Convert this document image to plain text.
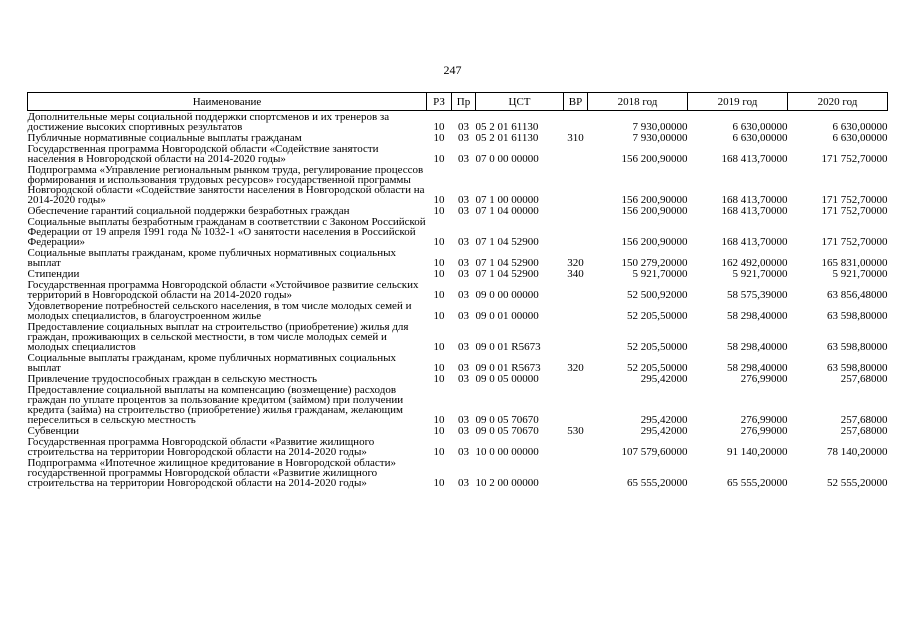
247
Наименование	РЗ	Пр	ЦСТ	ВР	2018 год	2019 год	2020 год
Дополнительные меры социальной поддержки спортсменов и их тренеров за достижение высоких спортивных результатов	10	03	05 2 01 61130		7 930,00000	6 630,00000	6 630,00000
Публичные нормативные социальные выплаты гражданам	10	03	05 2 01 61130	310	7 930,00000	6 630,00000	6 630,00000
Государственная программа Новгородской области «Содействие занятости населения в Новгородской области на 2014-2020 годы»	10	03	07 0 00 00000		156 200,90000	168 413,70000	171 752,70000
Подпрограмма «Управление региональным рынком труда, регулирование процессов формирования и использования трудовых ресурсов» государственной программы Новгородской области «Содействие занятости населения в Новгородской области на 2014-2020 годы»	10	03	07 1 00 00000		156 200,90000	168 413,70000	171 752,70000
Обеспечение гарантий социальной поддержки безработных граждан	10	03	07 1 04 00000		156 200,90000	168 413,70000	171 752,70000
Социальные выплаты безработным гражданам в соответствии с Законом Российской Федерации от 19 апреля 1991 года № 1032-1 «О занятости населения в Российской Федерации»	10	03	07 1 04 52900		156 200,90000	168 413,70000	171 752,70000
Социальные выплаты гражданам, кроме публичных нормативных социальных выплат	10	03	07 1 04 52900	320	150 279,20000	162 492,00000	165 831,00000
Стипендии	10	03	07 1 04 52900	340	5 921,70000	5 921,70000	5 921,70000
Государственная программа Новгородской области «Устойчивое развитие сельских территорий в Новгородской области на 2014-2020 годы»	10	03	09 0 00 00000		52 500,92000	58 575,39000	63 856,48000
Удовлетворение потребностей сельского населения, в том числе молодых семей и молодых специалистов, в благоустроенном жилье	10	03	09 0 01 00000		52 205,50000	58 298,40000	63 598,80000
Предоставление социальных выплат на строительство (приобретение) жилья для граждан, проживающих в сельской местности, в том числе молодых семей и молодых специалистов	10	03	09 0 01 R5673		52 205,50000	58 298,40000	63 598,80000
Социальные выплаты гражданам, кроме публичных нормативных социальных выплат	10	03	09 0 01 R5673	320	52 205,50000	58 298,40000	63 598,80000
Привлечение трудоспособных граждан в сельскую местность	10	03	09 0 05 00000		295,42000	276,99000	257,68000
Предоставление социальной выплаты на компенсацию (возмещение) расходов граждан по уплате процентов за пользование кредитом (займом) при получении кредита (займа) на строительство (приобретение) жилья гражданам, желающим переселиться в сельскую местность	10	03	09 0 05 70670		295,42000	276,99000	257,68000
Субвенции	10	03	09 0 05 70670	530	295,42000	276,99000	257,68000
Государственная программа Новгородской области «Развитие жилищного строительства на территории Новгородской области на 2014-2020 годы»	10	03	10 0 00 00000		107 579,60000	91 140,20000	78 140,20000
Подпрограмма «Ипотечное жилищное кредитование в Новгородской области» государственной программы Новгородской области «Развитие жилищного строительства на территории Новгородской области на 2014-2020 годы»	10	03	10 2 00 00000		65 555,20000	65 555,20000	52 555,20000
